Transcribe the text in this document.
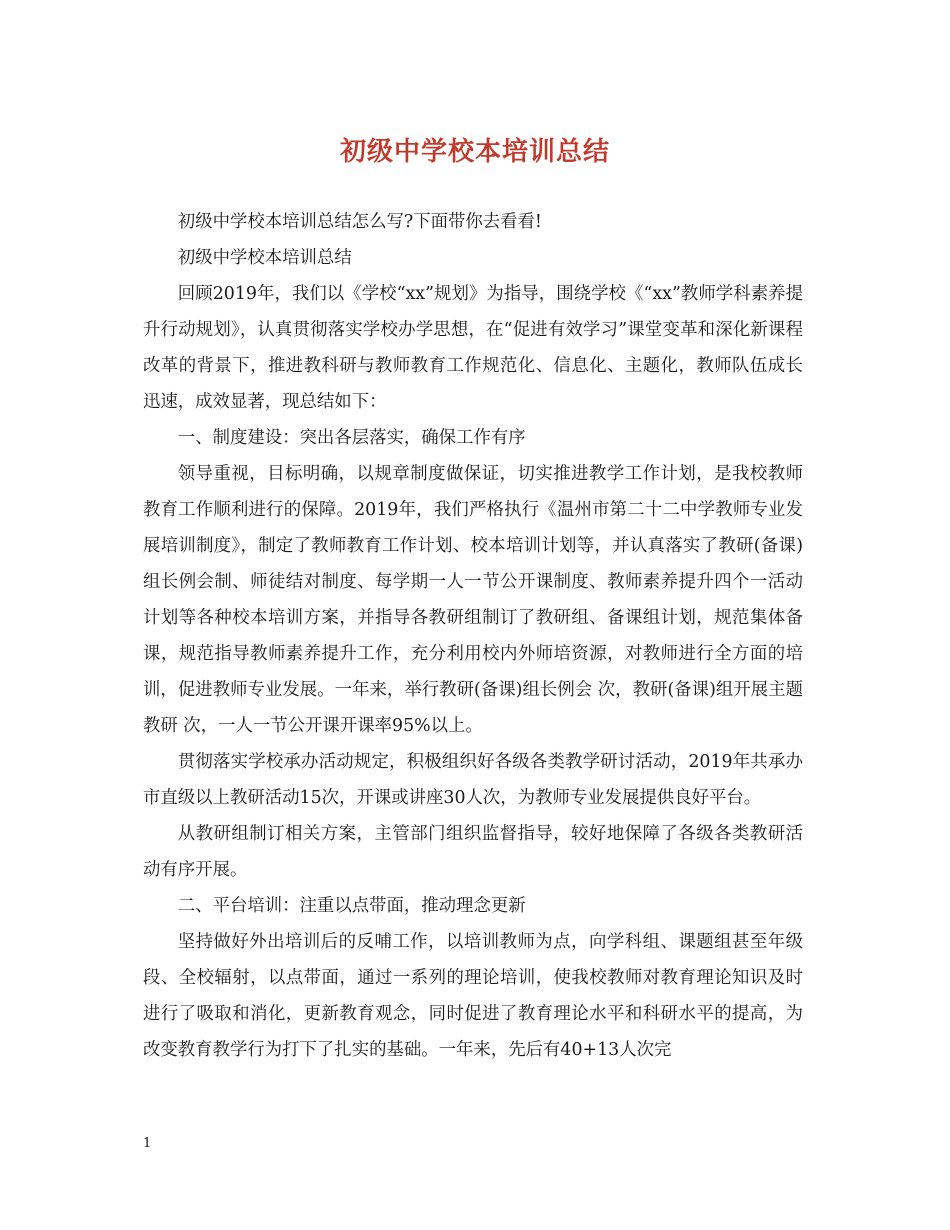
初级中学校本培训总结

初级中学校本培训总结怎么写?下面带你去看看!

初级中学校本培训总结

回顾2019年，我们以《学校“xx”规划》为指导，围绕学校《“xx”教师学科素养提升行动规划》，认真贯彻落实学校办学思想，在“促进有效学习”课堂变革和深化新课程改革的背景下，推进教科研与教师教育工作规范化、信息化、主题化，教师队伍成长迅速，成效显著，现总结如下：

一、制度建设：突出各层落实，确保工作有序

领导重视，目标明确，以规章制度做保证，切实推进教学工作计划，是我校教师教育工作顺利进行的保障。2019年，我们严格执行《温州市第二十二中学教师专业发展培训制度》，制定了教师教育工作计划、校本培训计划等，并认真落实了教研(备课)组长例会制、师徒结对制度、每学期一人一节公开课制度、教师素养提升四个一活动计划等各种校本培训方案，并指导各教研组制订了教研组、备课组计划，规范集体备课，规范指导教师素养提升工作，充分利用校内外师培资源，对教师进行全方面的培训，促进教师专业发展。一年来，举行教研(备课)组长例会 次，教研(备课)组开展主题教研 次，一人一节公开课开课率95%以上。

贯彻落实学校承办活动规定，积极组织好各级各类教学研讨活动，2019年共承办市直级以上教研活动15次，开课或讲座30人次，为教师专业发展提供良好平台。

从教研组制订相关方案，主管部门组织监督指导，较好地保障了各级各类教研活动有序开展。

二、平台培训：注重以点带面，推动理念更新

坚持做好外出培训后的反哺工作，以培训教师为点，向学科组、课题组甚至年级段、全校辐射，以点带面，通过一系列的理论培训，使我校教师对教育理论知识及时进行了吸取和消化，更新教育观念，同时促进了教育理论水平和科研水平的提高，为改变教育教学行为打下了扎实的基础。一年来，先后有40+13人次完

1
